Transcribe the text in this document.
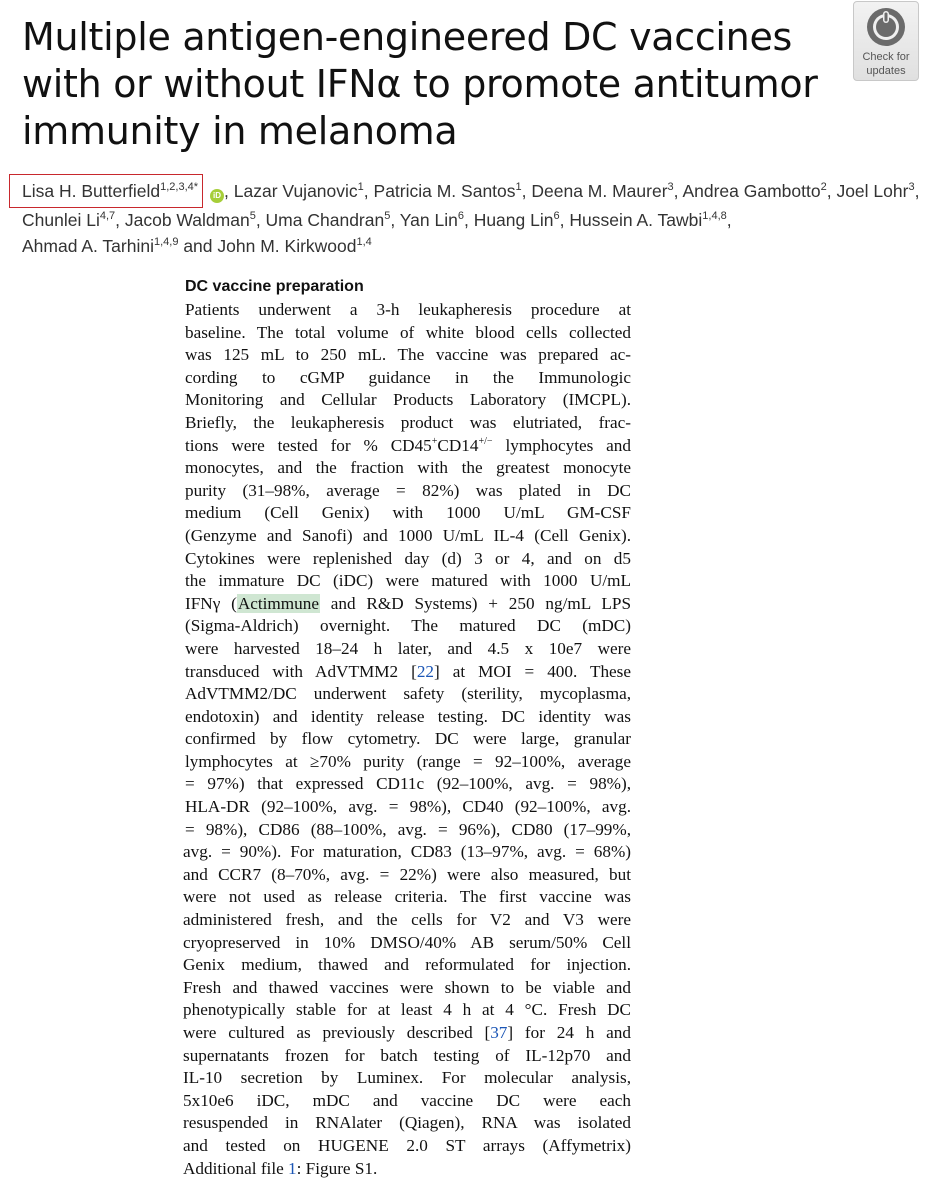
Multiple antigen-engineered DC vaccines
with or without IFNα to promote antitumor
immunity in melanoma
Check for
updates
Lisa H. Butterfield$^{1,2,3,4*}$iD , Lazar Vujanovic$^1$, Patricia M. Santos$^1$, Deena M. Maurer$^3$, Andrea Gambotto$^2$, Joel Lohr$^3$,
Chunlei Li$^{4,7}$, Jacob Waldman$^5$, Uma Chandran$^5$, Yan Lin$^6$, Huang Lin$^6$, Hussein A. Tawbi$^{1,4,8}$,
Ahmad A. Tarhini$^{1,4,9}$ and John M. Kirkwood$^{1,4}$
DC vaccine preparation
Patients underwent a 3-h leukapheresis procedure at
baseline. The total volume of white blood cells collected
was 125 mL to 250 mL. The vaccine was prepared ac-
cording to cGMP guidance in the Immunologic
Monitoring and Cellular Products Laboratory (IMCPL).
Briefly, the leukapheresis product was elutriated, frac-
tions were tested for % CD45+CD14+/− lymphocytes and
monocytes, and the fraction with the greatest monocyte
purity (31–98%, average = 82%) was plated in DC
medium (Cell Genix) with 1000 U/mL GM-CSF
(Genzyme and Sanofi) and 1000 U/mL IL-4 (Cell Genix).
Cytokines were replenished day (d) 3 or 4, and on d5
the immature DC (iDC) were matured with 1000 U/mL
IFNγ (Actimmune and R&D Systems) + 250 ng/mL LPS
(Sigma-Aldrich) overnight. The matured DC (mDC)
were harvested 18–24 h later, and 4.5 x 10e7 were
transduced with AdVTMM2 [22] at MOI = 400. These
AdVTMM2/DC underwent safety (sterility, mycoplasma,
endotoxin) and identity release testing. DC identity was
confirmed by flow cytometry. DC were large, granular
lymphocytes at ≥70% purity (range = 92–100%, average
= 97%) that expressed CD11c (92–100%, avg. = 98%),
HLA-DR (92–100%, avg. = 98%), CD40 (92–100%, avg.
= 98%), CD86 (88–100%, avg. = 96%), CD80 (17–99%,
avg. = 90%). For maturation, CD83 (13–97%, avg. = 68%)
and CCR7 (8–70%, avg. = 22%) were also measured, but
were not used as release criteria. The first vaccine was
administered fresh, and the cells for V2 and V3 were
cryopreserved in 10% DMSO/40% AB serum/50% Cell
Genix medium, thawed and reformulated for injection.
Fresh and thawed vaccines were shown to be viable and
phenotypically stable for at least 4 h at 4 °C. Fresh DC
were cultured as previously described [37] for 24 h and
supernatants frozen for batch testing of IL-12p70 and
IL-10 secretion by Luminex. For molecular analysis,
5x10e6 iDC, mDC and vaccine DC were each
resuspended in RNAlater (Qiagen), RNA was isolated
and tested on HUGENE 2.0 ST arrays (Affymetrix)
Additional file 1: Figure S1.
